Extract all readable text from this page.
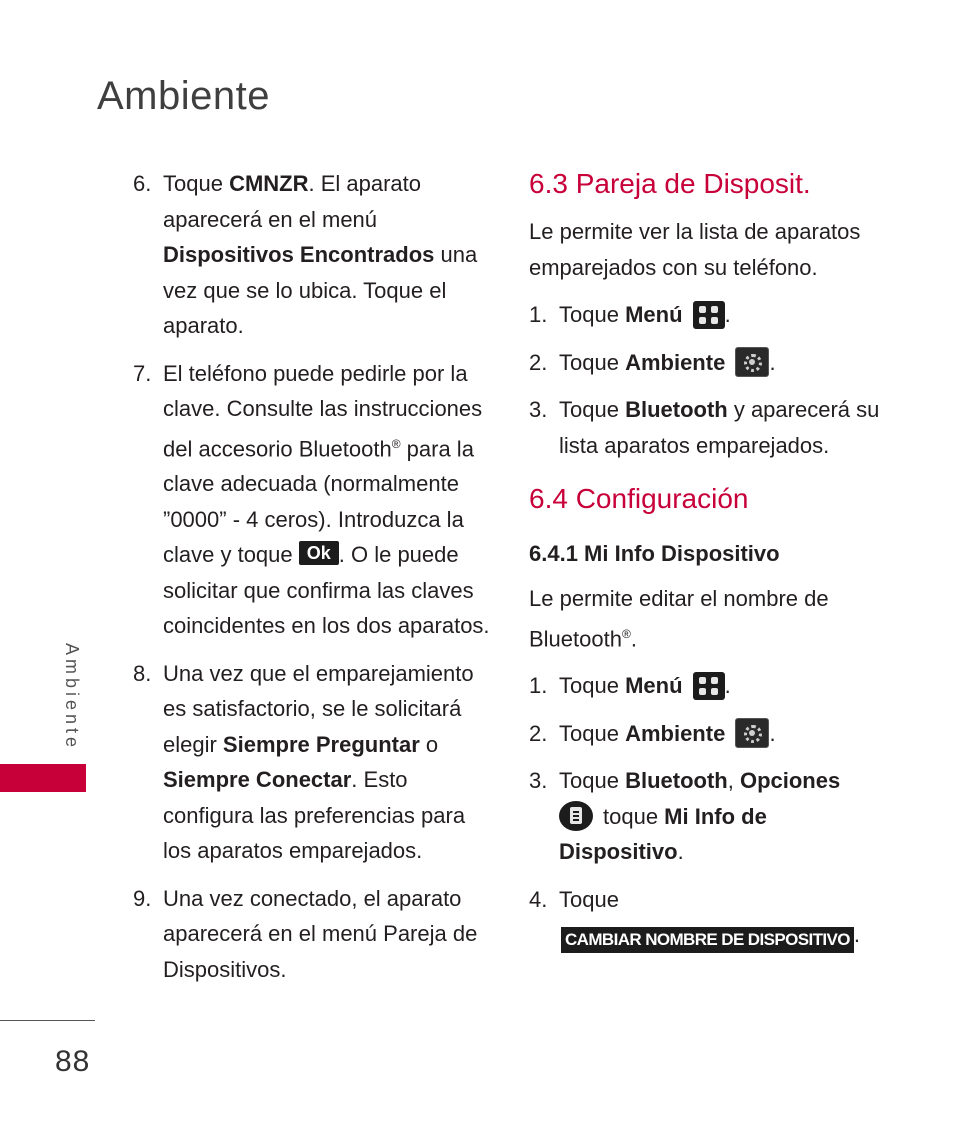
Ambiente
6. Toque CMNZR. El aparato aparecerá en el menú Dispositivos Encontrados una vez que se lo ubica. Toque el aparato.
7. El teléfono puede pedirle por la clave. Consulte las instrucciones del accesorio Bluetooth® para la clave adecuada (normalmente ”0000” - 4 ceros). Introduzca la clave y toque Ok . O le puede solicitar que confirma las claves coincidentes en los dos aparatos.
8. Una vez que el emparejamiento es satisfactorio, se le solicitará elegir Siempre Preguntar o Siempre Conectar. Esto configura las preferencias para los aparatos emparejados.
9. Una vez conectado, el aparato aparecerá en el menú Pareja de Dispositivos.
6.3 Pareja de Disposit.

Le permite ver la lista de aparatos emparejados con su teléfono.

1. Toque Menú .
2. Toque Ambiente .
3. Toque Bluetooth y aparecerá su lista aparatos emparejados.
6.4 Configuración
6.4.1 Mi Info Dispositivo

Le permite editar el nombre de Bluetooth®.

1. Toque Menú .
2. Toque Ambiente .
3. Toque Bluetooth, Opciones
toque Mi Info de Dispositivo.
4. Toque
CAMBIAR NOMBRE DE DISPOSITIVO .
Ambiente
88
